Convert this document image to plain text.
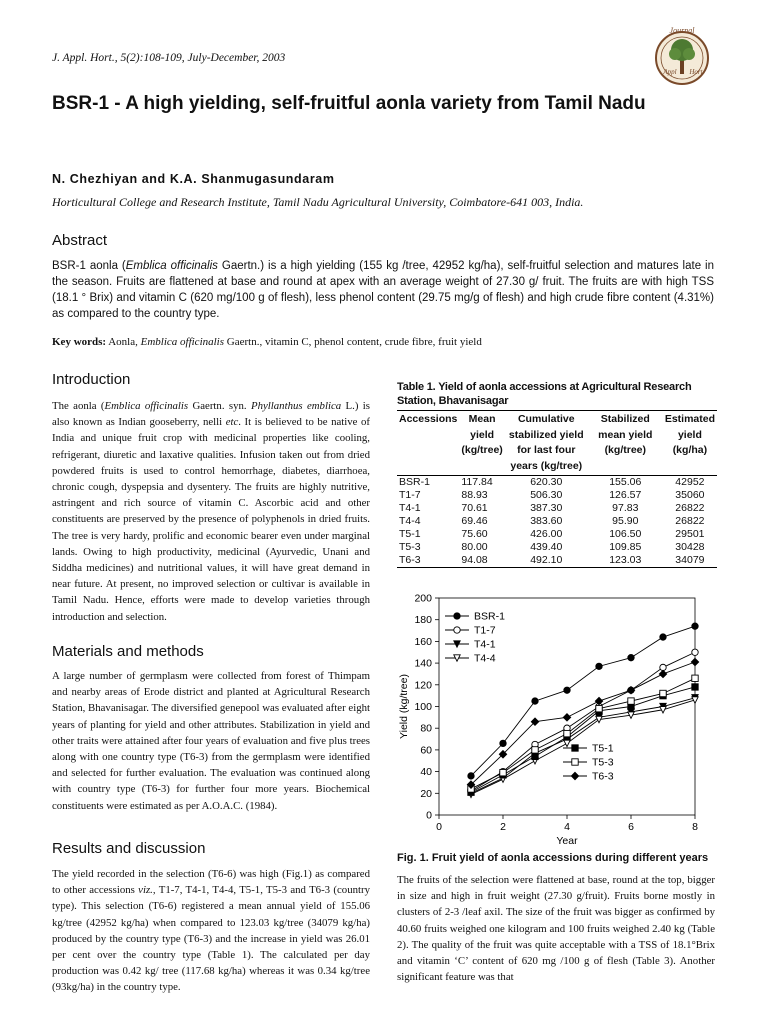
J. Appl. Hort., 5(2):108-109, July-December, 2003
Journal
Appl Hort
BSR-1 - A high yielding, self-fruitful aonla variety from Tamil Nadu
N. Chezhiyan and K.A. Shanmugasundaram
Horticultural College and Research Institute, Tamil Nadu Agricultural University, Coimbatore-641 003, India.
Abstract

BSR-1 aonla (Emblica officinalis Gaertn.) is a high yielding (155 kg /tree, 42952 kg/ha), self-fruitful selection and matures late in the season. Fruits are flattened at base and round at apex with an average weight of 27.30 g/ fruit. The fruits are with high TSS (18.1 ° Brix) and vitamin C (620 mg/100 g of flesh), less phenol content (29.75 mg/g of flesh) and high crude fibre content (4.31%) as compared to the country type.

Key words: Aonla, Emblica officinalis Gaertn., vitamin C, phenol content, crude fibre, fruit yield

Introduction

The aonla (Emblica officinalis Gaertn. syn. Phyllanthus emblica L.) is also known as Indian gooseberry, nelli etc. It is believed to be native of India and unique fruit crop with medicinal properties like cooling, refrigerant, diuretic and laxative qualities. Infusion taken out from dried powdered fruits is used to control hemorrhage, diabetes, diarrhoea, chronic cough, dyspepsia and dysentery. The fruits are highly nutritive, astringent and rich source of vitamin C. Ascorbic acid and other constituents are preserved by the presence of polyphenols in dried fruits. The tree is very hardy, prolific and economic bearer even under marginal lands. Owing to high productivity, medicinal (Ayurvedic, Unani and Siddha medicines) and nutritional values, it will have great demand in near future. At present, no improved selection or cultivar is available in Tamil Nadu. Hence, efforts were made to develop varieties through introduction and selection.

Materials and methods

A large number of germplasm were collected from forest of Thimpam and nearby areas of Erode district and planted at Agricultural Research Station, Bhavanisagar. The diversified genepool was evaluated after eight years of planting for yield and other attributes. Stabilization in yield and other traits were attained after four years of evaluation and five plus trees along with one country type (T6-3) from the germplasm were identified and selected for further evaluation. The evaluation was continued along with country type (T6-3) for further four more years. Biochemical constituents were estimated as per A.O.A.C. (1984).

Results and discussion

The yield recorded in the selection (T6-6) was high (Fig.1) as compared to other accessions viz., T1-7, T4-1, T4-4, T5-1, T5-3 and T6-3 (country type). This selection (T6-6) registered a mean annual yield of 155.06 kg/tree (42952 kg/ha) when compared to 123.03 kg/tree (34079 kg/ha) produced by the country type (T6-3) and the increase in yield was 26.01 per cent over the country type (Table 1). The calculated per day production was 0.42 kg/ tree (117.68 kg/ha) whereas it was 0.34 kg/tree (93kg/ha) in the country type.

Table 1. Yield of aonla accessions at Agricultural Research Station, Bhavanisagar

Accessions	Mean yield (kg/tree)	Cumulative stabilized yield for last four years (kg/tree)	Stabilized mean yield (kg/tree)	Estimated yield (kg/ha)
BSR-1	117.84	620.30	155.06	42952
T1-7	88.93	506.30	126.57	35060
T4-1	70.61	387.30	97.83	26822
T4-4	69.46	383.60	95.90	26822
T5-1	75.60	426.00	106.50	29501
T5-3	80.00	439.40	109.85	30428
T6-3	94.08	492.10	123.03	34079
0
20
40
60
80
100
120
140
160
180
200
0	2	4	6	8
Year
Yield (kg/tree)
BSR-1
T1-7
T4-1
T4-4
T5-1
T5-3
T6-3

Fig. 1. Fruit yield of aonla accessions during different years

The fruits of the selection were flattened at base, round at the top, bigger in size and high in fruit weight (27.30 g/fruit). Fruits borne mostly in clusters of 2-3 /leaf axil. The size of the fruit was bigger as confirmed by 40.60 fruits weighed one kilogram and 100 fruits weighed 2.40 kg (Table 2). The quality of the fruit was quite acceptable with a TSS of 18.1°Brix and vitamin ‘C’ content of 620 mg /100 g of flesh (Table 3). Another significant feature was that
